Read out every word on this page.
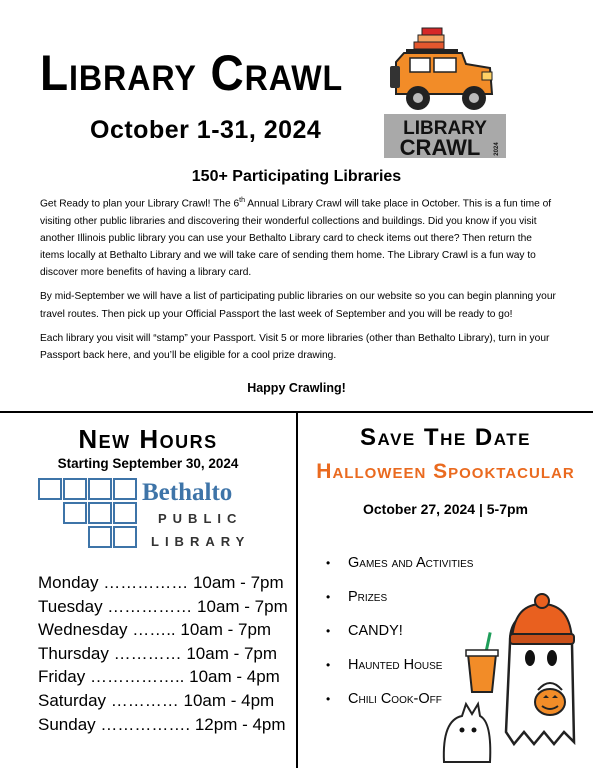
Library Crawl
October 1-31, 2024	LIBRARY
CRAWL 2024
150+ Participating Libraries

Get Ready to plan your Library Crawl! The 6th Annual Library Crawl will take place in October. This is a fun time of visiting other public libraries and discovering their wonderful collections and buildings. Did you know if you visit another Illinois public library you can use your Bethalto Library card to check items out there? Then return the items locally at Bethalto Library and we will take care of sending them home. The Library Crawl is a fun way to discover more benefits of having a library card.

By mid-September we will have a list of participating public libraries on our website so you can begin planning your travel routes. Then pick up your Official Passport the last week of September and you will be ready to go!

Each library you visit will “stamp” your Passport. Visit 5 or more libraries (other than Bethalto Library), turn in your Passport back here, and you’ll be eligible for a cool prize drawing.

Happy Crawling!
New Hours
Starting September 30, 2024
Bethalto
PUBLIC
LIBRARY
Monday …………… 10am - 7pm
Tuesday …………… 10am - 7pm
Wednesday …….. 10am - 7pm
Thursday ………… 10am - 7pm
Friday …………….. 10am - 4pm
Saturday ………… 10am - 4pm
Sunday ……………. 12pm - 4pm
Save The Date
Halloween Spooktacular
October 27, 2024 | 5-7pm
• Games and Activities
• Prizes
• CANDY!
• Haunted House
• Chili Cook-Off
